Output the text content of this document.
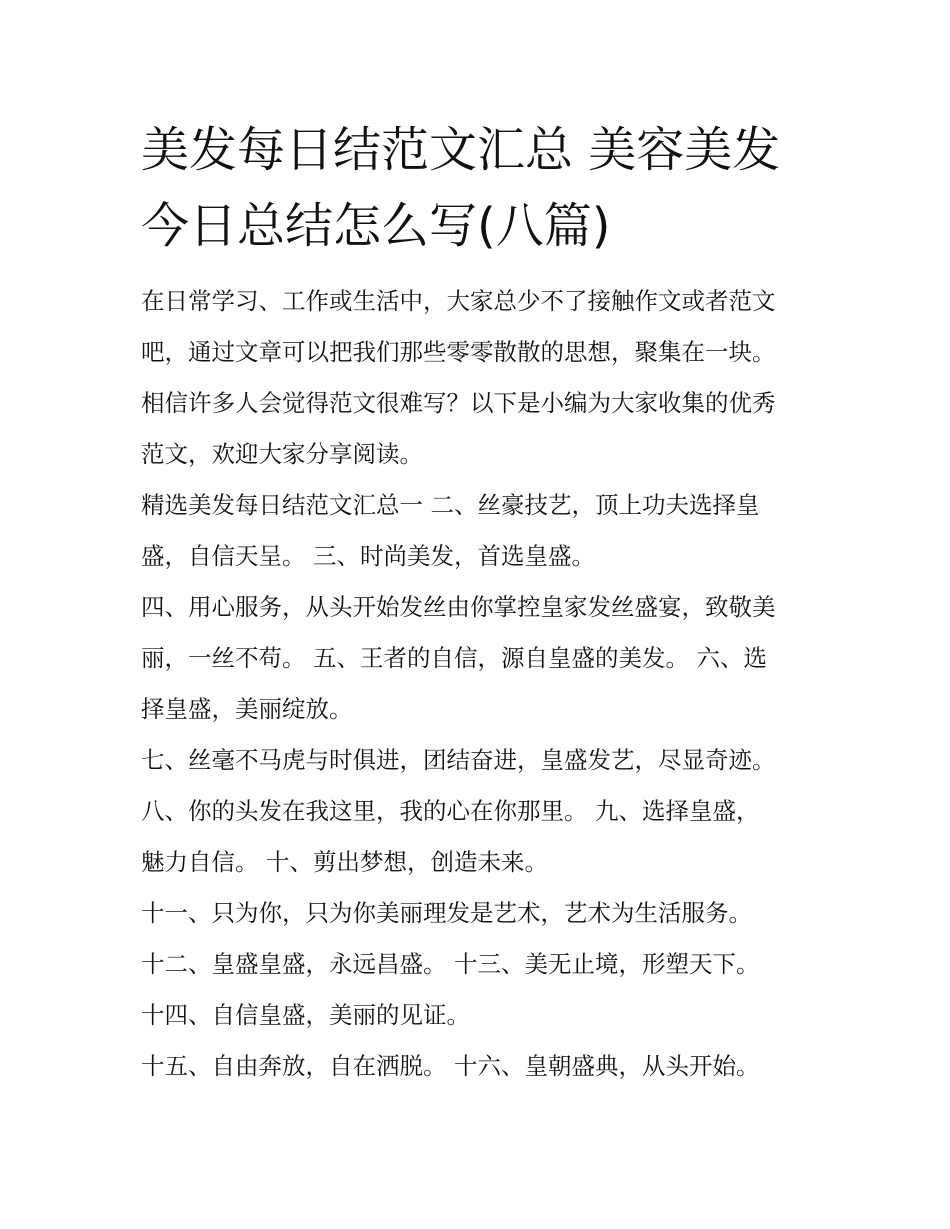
美发每日结范文汇总 美容美发
今日总结怎么写(八篇)

在日常学习、工作或生活中，大家总少不了接触作文或者范文
吧，通过文章可以把我们那些零零散散的思想，聚集在一块。
相信许多人会觉得范文很难写？以下是小编为大家收集的优秀
范文，欢迎大家分享阅读。

精选美发每日结范文汇总一 二、丝豪技艺，顶上功夫选择皇
盛，自信天呈。 三、时尚美发，首选皇盛。

四、用心服务，从头开始发丝由你掌控皇家发丝盛宴，致敬美
丽，一丝不苟。 五、王者的自信，源自皇盛的美发。 六、选
择皇盛，美丽绽放。

七、丝毫不马虎与时俱进，团结奋进，皇盛发艺，尽显奇迹。

八、你的头发在我这里，我的心在你那里。 九、选择皇盛，
魅力自信。 十、剪出梦想，创造未来。

十一、只为你，只为你美丽理发是艺术，艺术为生活服务。

十二、皇盛皇盛，永远昌盛。 十三、美无止境，形塑天下。

十四、自信皇盛，美丽的见证。

十五、自由奔放，自在洒脱。 十六、皇朝盛典，从头开始。
